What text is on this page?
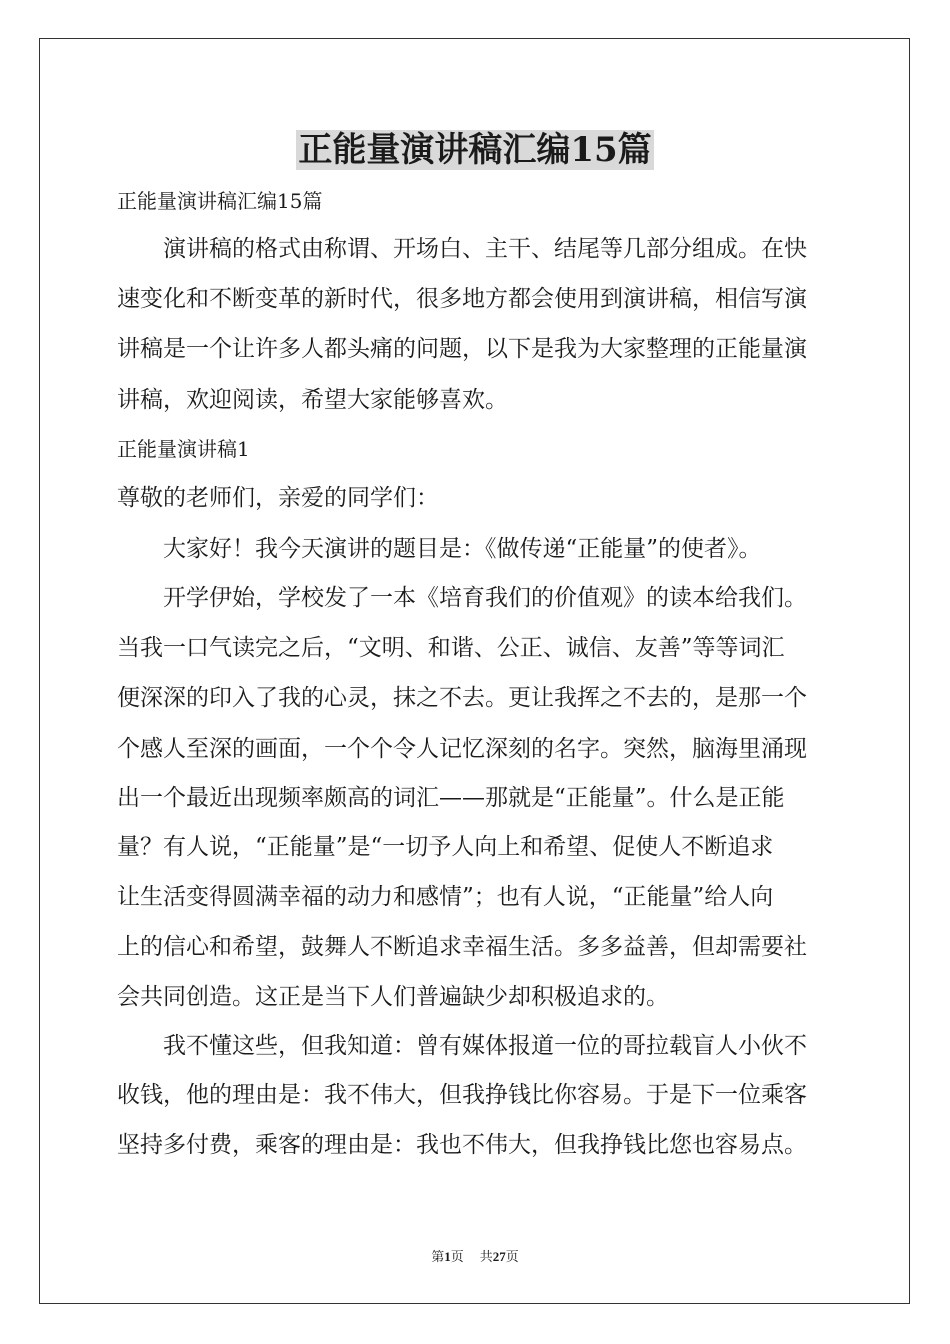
正能量演讲稿汇编15篇

正能量演讲稿汇编15篇

演讲稿的格式由称谓、开场白、主干、结尾等几部分组成。在快

速变化和不断变革的新时代，很多地方都会使用到演讲稿，相信写演

讲稿是一个让许多人都头痛的问题，以下是我为大家整理的正能量演

讲稿，欢迎阅读，希望大家能够喜欢。

正能量演讲稿1

尊敬的老师们，亲爱的同学们：

大家好！我今天演讲的题目是：《做传递“正能量”的使者》。

开学伊始，学校发了一本《培育我们的价值观》的读本给我们。

当我一口气读完之后，“文明、和谐、公正、诚信、友善”等等词汇

便深深的印入了我的心灵，抹之不去。更让我挥之不去的，是那一个

个感人至深的画面，一个个令人记忆深刻的名字。突然，脑海里涌现

出一个最近出现频率颇高的词汇——那就是“正能量”。什么是正能

量？有人说，“正能量”是“一切予人向上和希望、促使人不断追求

让生活变得圆满幸福的动力和感情”；也有人说，“正能量”给人向

上的信心和希望，鼓舞人不断追求幸福生活。多多益善，但却需要社

会共同创造。这正是当下人们普遍缺少却积极追求的。

我不懂这些，但我知道：曾有媒体报道一位的哥拉载盲人小伙不

收钱，他的理由是：我不伟大，但我挣钱比你容易。于是下一位乘客

坚持多付费，乘客的理由是：我也不伟大，但我挣钱比您也容易点。

第1页 共27页
